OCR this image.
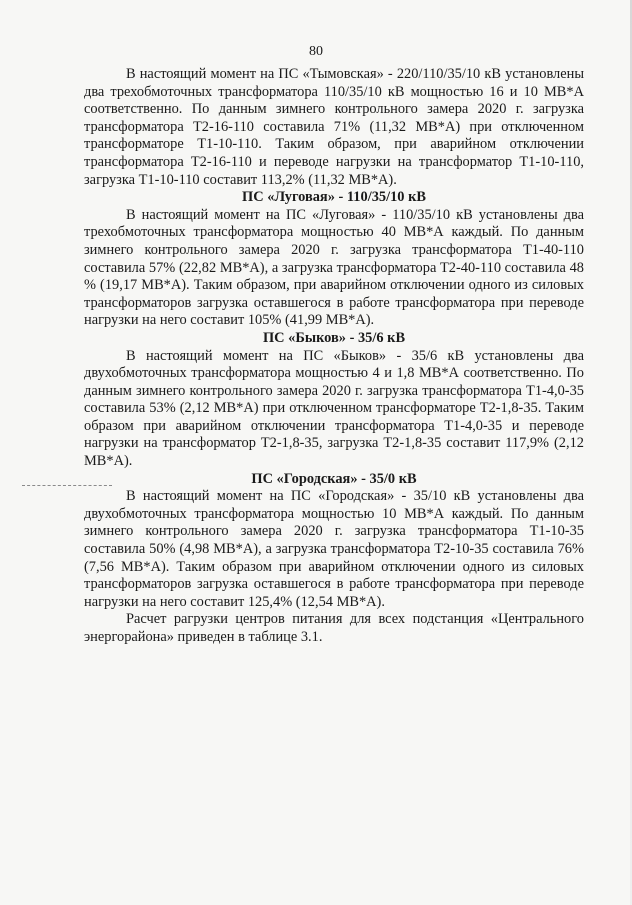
80

В настоящий момент на ПС «Тымовская» - 220/110/35/10 кВ установлены два трехобмоточных трансформатора 110/35/10 кВ мощностью 16 и 10 МВ*А соответственно. По данным зимнего контрольного замера 2020 г. загрузка трансформатора Т2-16-110 составила 71% (11,32 МВ*А) при отключенном трансформаторе Т1-10-110. Таким образом, при аварийном отключении трансформатора Т2-16-110 и переводе нагрузки на трансформатор Т1-10-110, загрузка Т1-10-110 составит 113,2% (11,32 МВ*А).

ПС «Луговая» - 110/35/10 кВ

В настоящий момент на ПС «Луговая» - 110/35/10 кВ установлены два трехобмоточных трансформатора мощностью 40 МВ*А каждый. По данным зимнего контрольного замера 2020 г. загрузка трансформатора Т1-40-110 составила 57% (22,82 МВ*А), а загрузка трансформатора Т2-40-110 составила 48 % (19,17 МВ*А). Таким образом, при аварийном отключении одного из силовых трансформаторов загрузка оставшегося в работе трансформатора при переводе нагрузки на него составит 105% (41,99 МВ*А).

ПС «Быков» - 35/6 кВ

В настоящий момент на ПС «Быков» - 35/6 кВ установлены два двухобмоточных трансформатора мощностью 4 и 1,8 МВ*А соответственно. По данным зимнего контрольного замера 2020 г. загрузка трансформатора Т1-4,0-35 составила 53% (2,12 МВ*А) при отключенном трансформаторе Т2-1,8-35. Таким образом при аварийном отключении трансформатора Т1-4,0-35 и переводе нагрузки на трансформатор Т2-1,8-35, загрузка Т2-1,8-35 составит 117,9% (2,12 МВ*А).

ПС «Городская» - 35/0 кВ

В настоящий момент на ПС «Городская» - 35/10 кВ установлены два двухобмоточных трансформатора мощностью 10 МВ*А каждый. По данным зимнего контрольного замера 2020 г. загрузка трансформатора Т1-10-35 составила 50% (4,98 МВ*А), а загрузка трансформатора Т2-10-35 составила 76% (7,56 МВ*А). Таким образом при аварийном отключении одного из силовых трансформаторов загрузка оставшегося в работе трансформатора при переводе нагрузки на него составит 125,4% (12,54 МВ*А).

Расчет рагрузки центров питания для всех подстанция «Центрального энергорайона» приведен в таблице 3.1.
